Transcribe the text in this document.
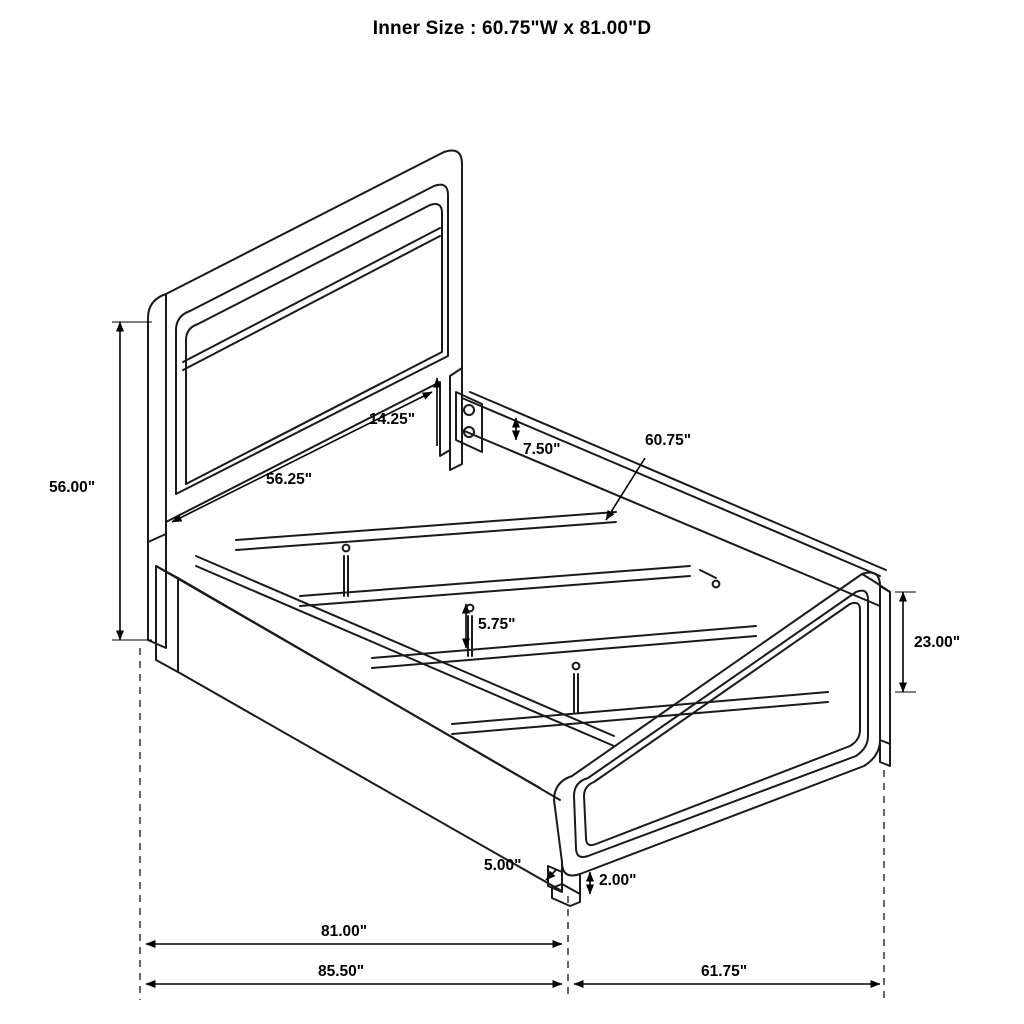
Inner Size : 60.75"W x 81.00"D
56.00"
14.25"
56.25"
7.50"
60.75"
5.75"
23.00"
5.00"
2.00"
81.00"
85.50"	61.75"
